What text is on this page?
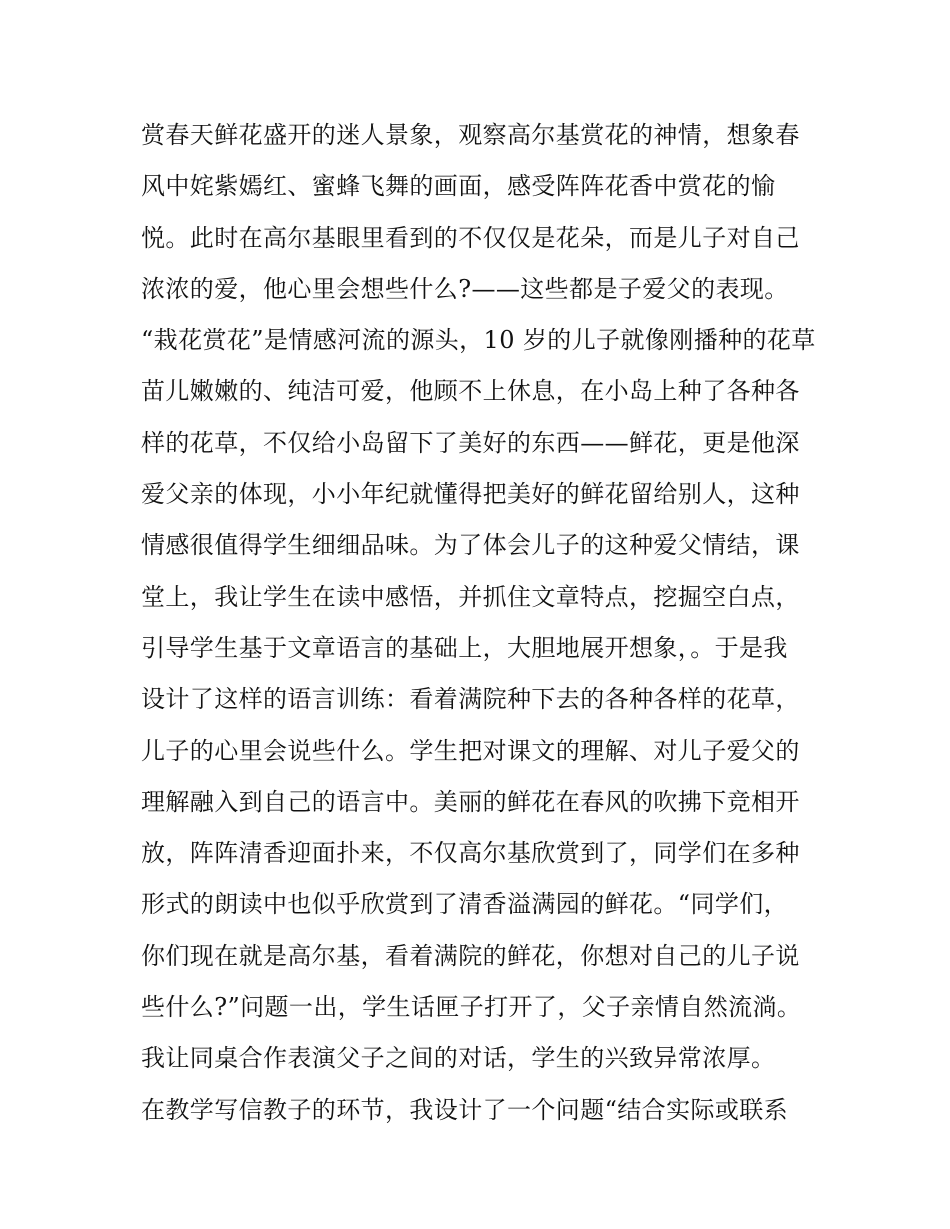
赏春天鲜花盛开的迷人景象，观察高尔基赏花的神情，想象春
风中姹紫嫣红、蜜蜂飞舞的画面，感受阵阵花香中赏花的愉
悦。此时在高尔基眼里看到的不仅仅是花朵，而是儿子对自己
浓浓的爱，他心里会想些什么?——这些都是子爱父的表现。
“栽花赏花”是情感河流的源头，10 岁的儿子就像刚播种的花草
苗儿嫩嫩的、纯洁可爱，他顾不上休息，在小岛上种了各种各
样的花草，不仅给小岛留下了美好的东西——鲜花，更是他深
爱父亲的体现，小小年纪就懂得把美好的鲜花留给别人，这种
情感很值得学生细细品味。为了体会儿子的这种爱父情结，课
堂上，我让学生在读中感悟，并抓住文章特点，挖掘空白点，
引导学生基于文章语言的基础上，大胆地展开想象，。于是我
设计了这样的语言训练：看着满院种下去的各种各样的花草，
儿子的心里会说些什么。学生把对课文的理解、对儿子爱父的
理解融入到自己的语言中。美丽的鲜花在春风的吹拂下竞相开
放，阵阵清香迎面扑来，不仅高尔基欣赏到了，同学们在多种
形式的朗读中也似乎欣赏到了清香溢满园的鲜花。“同学们，
你们现在就是高尔基，看着满院的鲜花，你想对自己的儿子说
些什么?”问题一出，学生话匣子打开了，父子亲情自然流淌。
我让同桌合作表演父子之间的对话，学生的兴致异常浓厚。
在教学写信教子的环节，我设计了一个问题“结合实际或联系
